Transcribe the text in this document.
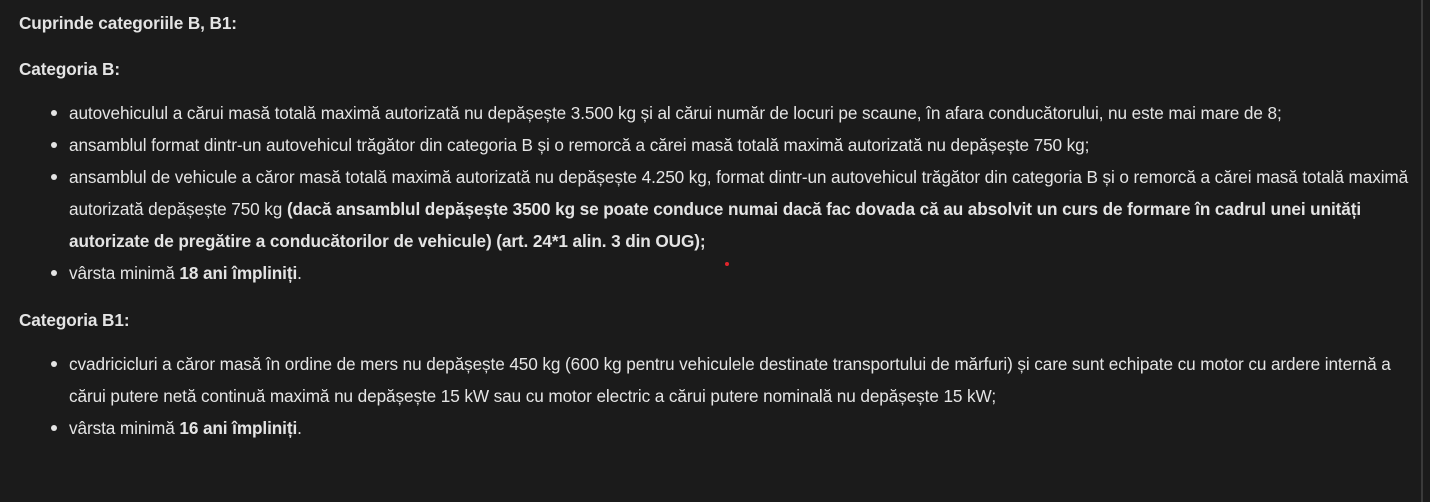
Cuprinde categoriile B, B1:

Categoria B:

autovehiculul a cărui masă totală maximă autorizată nu depășește 3.500 kg și al cărui număr de locuri pe scaune, în afara conducătorului, nu este mai mare de 8;
ansamblul format dintr-un autovehicul trăgător din categoria B și o remorcă a cărei masă totală maximă autorizată nu depășește 750 kg;
ansamblul de vehicule a căror masă totală maximă autorizată nu depășește 4.250 kg, format dintr-un autovehicul trăgător din categoria B și o remorcă a cărei masă totală maximă autorizată depășește 750 kg (dacă ansamblul depășește 3500 kg se poate conduce numai dacă fac dovada că au absolvit un curs de formare în cadrul unei unități autorizate de pregătire a conducătorilor de vehicule) (art. 24*1 alin. 3 din OUG);
vârsta minimă 18 ani împliniți.

Categoria B1:

cvadricicluri a căror masă în ordine de mers nu depășește 450 kg (600 kg pentru vehiculele destinate transportului de mărfuri) și care sunt echipate cu motor cu ardere internă a cărui putere netă continuă maximă nu depășește 15 kW sau cu motor electric a cărui putere nominală nu depășește 15 kW;
vârsta minimă 16 ani împliniți.
